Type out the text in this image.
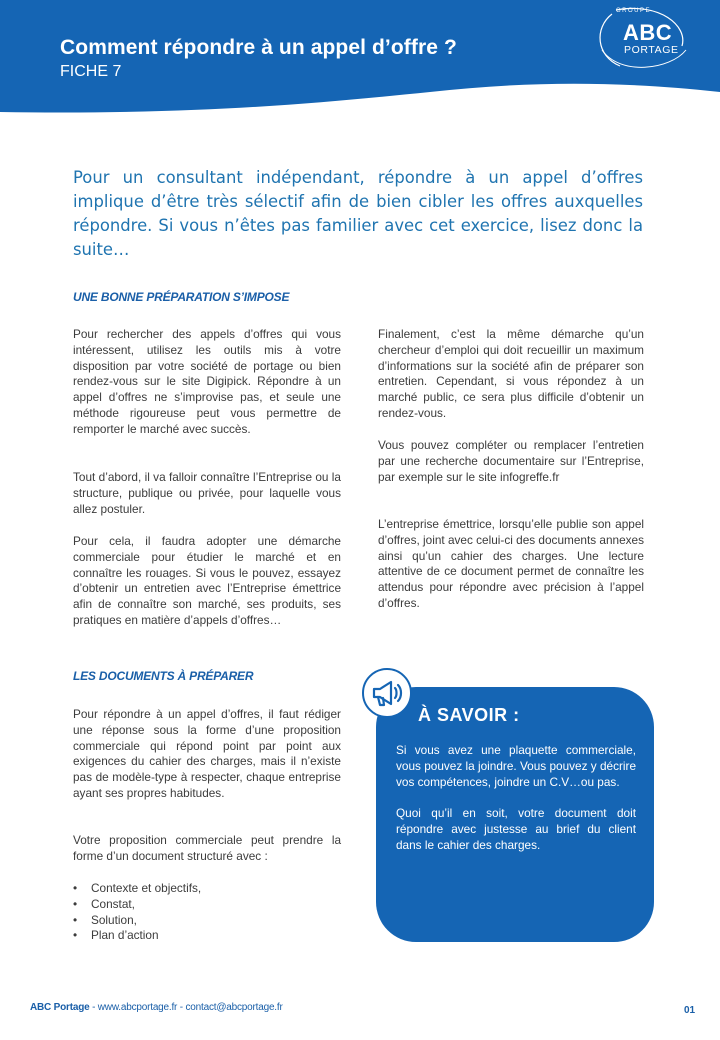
Comment répondre à un appel d’offre ?
FICHE 7
GROUPE
ABC
PORTAGE
Pour un consultant indépendant, répondre à un appel d’offres implique d’être très sélectif afin de bien cibler les offres auxquelles répondre. Si vous n’êtes pas familier avec cet exercice, lisez donc la suite…
UNE BONNE PRÉPARATION S’IMPOSE

Pour rechercher des appels d’offres qui vous intéressent, utilisez les outils mis à votre disposition par votre société de portage ou bien rendez-vous sur le site Digipick. Répondre à un appel d’offres ne s’improvise pas, et seule une méthode rigoureuse peut vous permettre de remporter le marché avec succès.

Tout d’abord, il va falloir connaître l’Entreprise ou la structure, publique ou privée, pour laquelle vous allez postuler.

Pour cela, il faudra adopter une démarche commerciale pour étudier le marché et en connaître les rouages. Si vous le pouvez, essayez d’obtenir un entretien avec l’Entreprise émettrice afin de connaître son marché, ses produits, ses pratiques en matière d’appels d’offres…

Finalement, c’est la même démarche qu’un chercheur d’emploi qui doit recueillir un maximum d’informations sur la société afin de préparer son entretien. Cependant, si vous répondez à un marché public, ce sera plus difficile d’obtenir un rendez-vous.

Vous pouvez compléter ou remplacer l’entretien par une recherche documentaire sur l’Entreprise, par exemple sur le site infogreffe.fr

L’entreprise émettrice, lorsqu’elle publie son appel d’offres, joint avec celui-ci des documents annexes ainsi qu’un cahier des charges. Une lecture attentive de ce document permet de connaître les attendus pour répondre avec précision à l’appel d’offres.

LES DOCUMENTS À PRÉPARER

Pour répondre à un appel d’offres, il faut rédiger une réponse sous la forme d’une proposition commerciale qui répond point par point aux exigences du cahier des charges, mais il n’existe pas de modèle-type à respecter, chaque entreprise ayant ses propres habitudes.

Votre proposition commerciale peut prendre la forme d’un document structuré avec :

• Contexte et objectifs,
• Constat,
• Solution,
• Plan d’action
À SAVOIR :

Si vous avez une plaquette commerciale, vous pouvez la joindre. Vous pouvez y décrire vos compétences, joindre un C.V…ou pas.

Quoi qu’il en soit, votre document doit répondre avec justesse au brief du client dans le cahier des charges.

ABC Portage - www.abcportage.fr - contact@abcportage.fr	01
